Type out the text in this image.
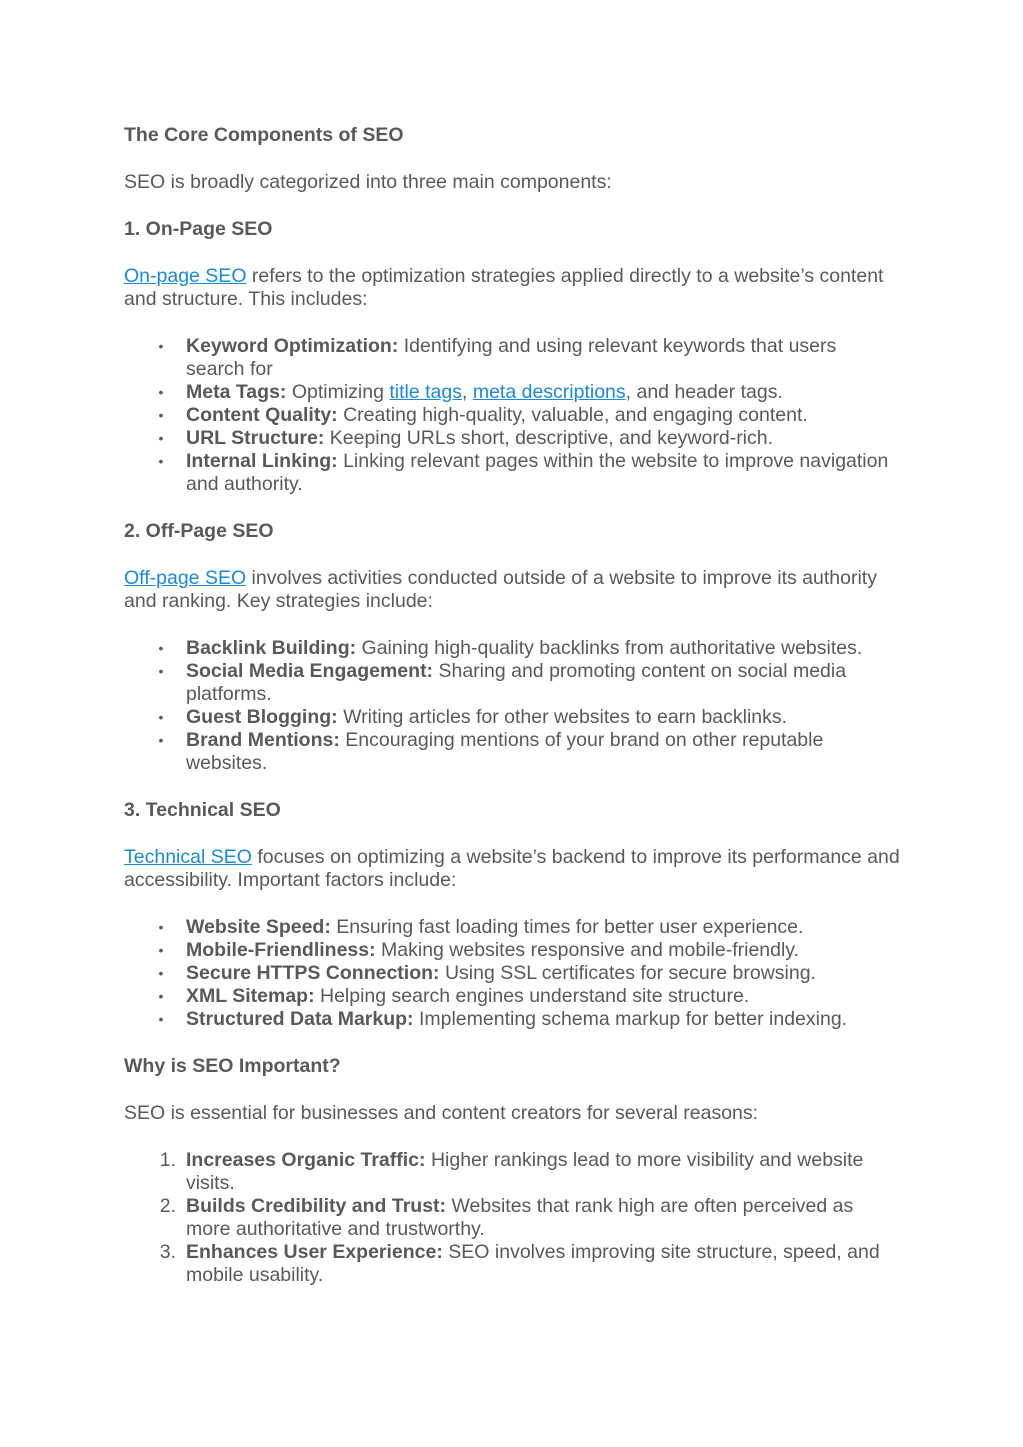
The Core Components of SEO

SEO is broadly categorized into three main components:

1. On-Page SEO

On-page SEO refers to the optimization strategies applied directly to a website’s content and structure. This includes:

• Keyword Optimization: Identifying and using relevant keywords that users search for
• Meta Tags: Optimizing title tags, meta descriptions, and header tags.
• Content Quality: Creating high-quality, valuable, and engaging content.
• URL Structure: Keeping URLs short, descriptive, and keyword-rich.
• Internal Linking: Linking relevant pages within the website to improve navigation and authority.
2. Off-Page SEO

Off-page SEO involves activities conducted outside of a website to improve its authority and ranking. Key strategies include:

• Backlink Building: Gaining high-quality backlinks from authoritative websites.
• Social Media Engagement: Sharing and promoting content on social media platforms.
• Guest Blogging: Writing articles for other websites to earn backlinks.
• Brand Mentions: Encouraging mentions of your brand on other reputable websites.
3. Technical SEO

Technical SEO focuses on optimizing a website’s backend to improve its performance and accessibility. Important factors include:

• Website Speed: Ensuring fast loading times for better user experience.
• Mobile-Friendliness: Making websites responsive and mobile-friendly.
• Secure HTTPS Connection: Using SSL certificates for secure browsing.
• XML Sitemap: Helping search engines understand site structure.
• Structured Data Markup: Implementing schema markup for better indexing.
Why is SEO Important?

SEO is essential for businesses and content creators for several reasons:

1. Increases Organic Traffic: Higher rankings lead to more visibility and website visits.
2. Builds Credibility and Trust: Websites that rank high are often perceived as more authoritative and trustworthy.
3. Enhances User Experience: SEO involves improving site structure, speed, and mobile usability.
